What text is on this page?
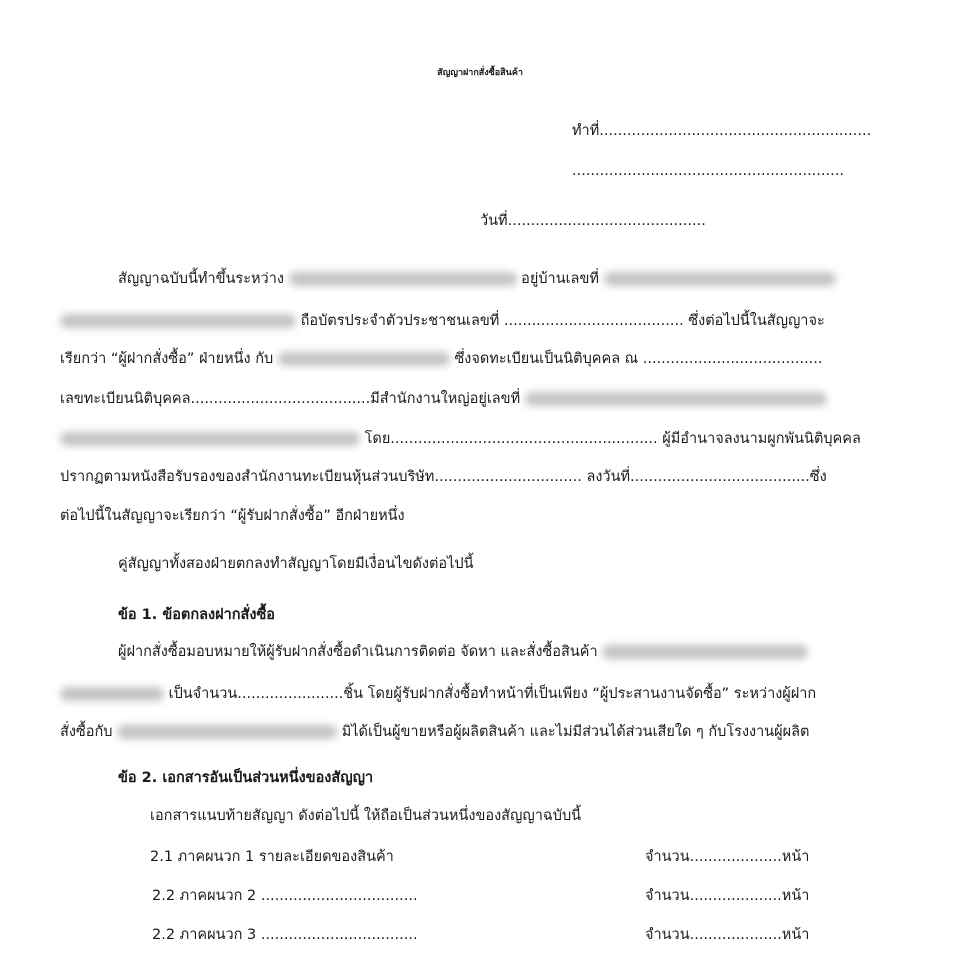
สัญญาฝากสั่งซื้อสินค้า
ทำที่...........................................................
...........................................................
วันที่...........................................
สัญญาฉบับนี้ทำขึ้นระหว่าง	อยู่บ้านเลขที่
ถือบัตรประจำตัวประชาชนเลขที่ ....................................... ซึ่งต่อไปนี้ในสัญญาจะ
เรียกว่า “ผู้ฝากสั่งซื้อ” ฝ่ายหนึ่ง กับ	ซึ่งจดทะเบียนเป็นนิติบุคคล ณ .......................................
เลขทะเบียนนิติบุคคล.......................................มีสำนักงานใหญ่อยู่เลขที่
โดย.......................................................... ผู้มีอำนาจลงนามผูกพันนิติบุคคล
ปรากฏตามหนังสือรับรองของสำนักงานทะเบียนหุ้นส่วนบริษัท................................ ลงวันที่.......................................ซึ่ง
ต่อไปนี้ในสัญญาจะเรียกว่า “ผู้รับฝากสั่งซื้อ” อีกฝ่ายหนึ่ง
คู่สัญญาทั้งสองฝ่ายตกลงทำสัญญาโดยมีเงื่อนไขดังต่อไปนี้
ข้อ 1. ข้อตกลงฝากสั่งซื้อ
ผู้ฝากสั่งซื้อมอบหมายให้ผู้รับฝากสั่งซื้อดำเนินการติดต่อ จัดหา และสั่งซื้อสินค้า
เป็นจำนวน.......................ชิ้น โดยผู้รับฝากสั่งซื้อทำหน้าที่เป็นเพียง “ผู้ประสานงานจัดซื้อ” ระหว่างผู้ฝาก
สั่งซื้อกับ	มิได้เป็นผู้ขายหรือผู้ผลิตสินค้า และไม่มีส่วนได้ส่วนเสียใด ๆ กับโรงงานผู้ผลิต
ข้อ 2. เอกสารอันเป็นส่วนหนึ่งของสัญญา
เอกสารแนบท้ายสัญญา ดังต่อไปนี้ ให้ถือเป็นส่วนหนึ่งของสัญญาฉบับนี้
2.1 ภาคผนวก 1 รายละเอียดของสินค้า	จำนวน....................หน้า
2.2 ภาคผนวก 2 ..................................	จำนวน....................หน้า
2.2 ภาคผนวก 3 ..................................	จำนวน....................หน้า
